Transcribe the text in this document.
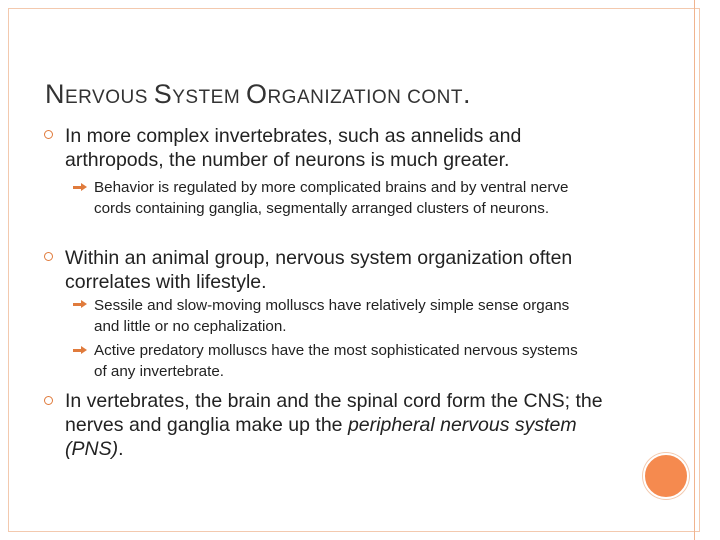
NERVOUS SYSTEM ORGANIZATION CONT.
In more complex invertebrates, such as annelids and arthropods, the number of neurons is much greater.
Behavior is regulated by more complicated brains and by ventral nerve cords containing ganglia, segmentally arranged clusters of neurons.
Within an animal group, nervous system organization often correlates with lifestyle.
Sessile and slow-moving molluscs have relatively simple sense organs and little or no cephalization.
Active predatory molluscs have the most sophisticated nervous systems of any invertebrate.
In vertebrates, the brain and the spinal cord form the CNS; the nerves and ganglia make up the peripheral nervous system (PNS).
